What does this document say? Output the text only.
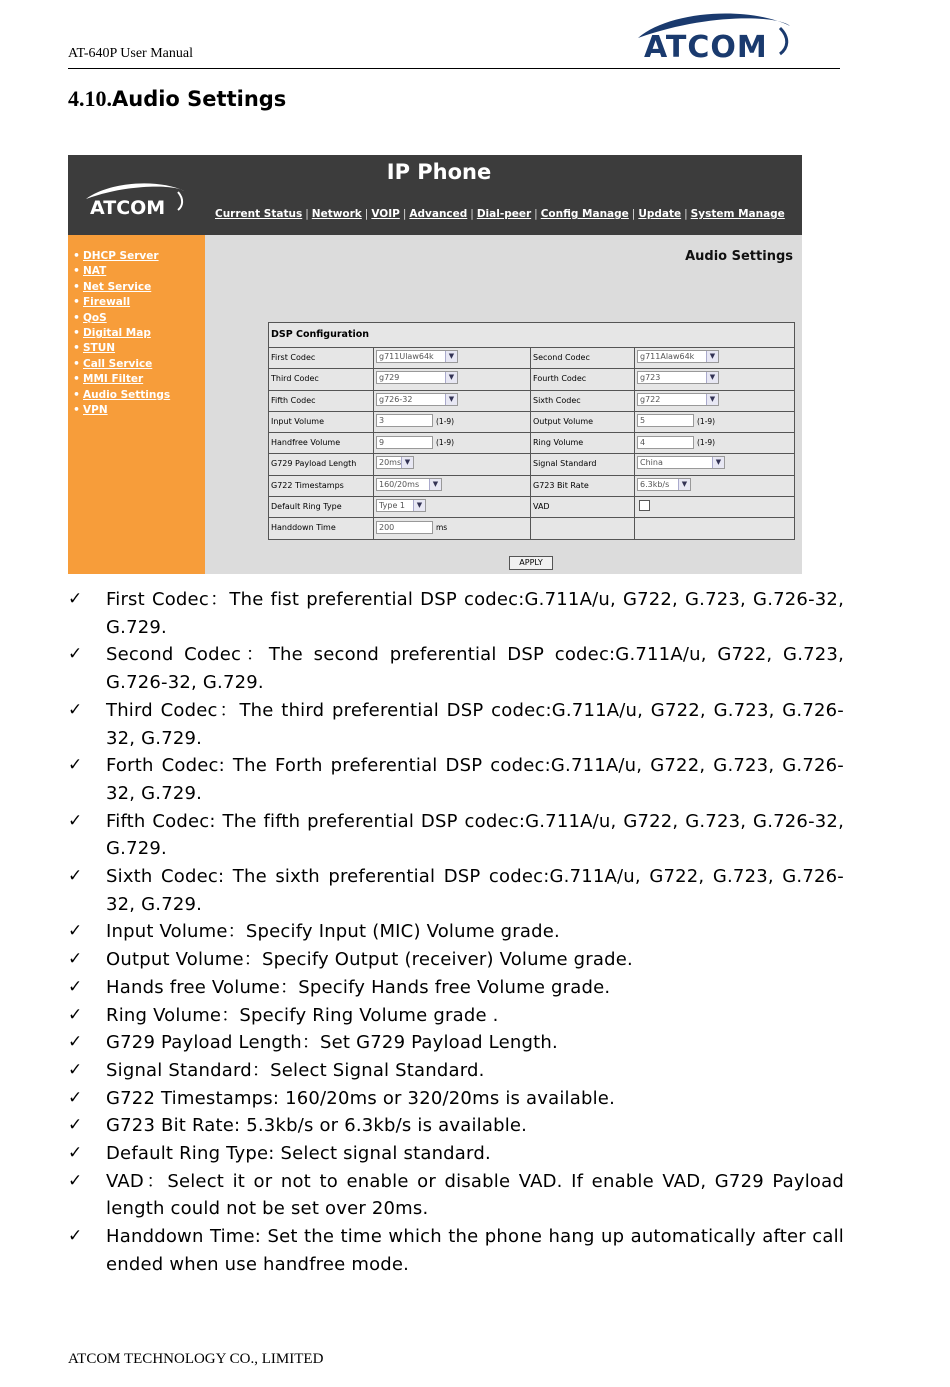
AT-640P User Manual	ATCOM
4.10.Audio Settings
IP Phone
ATCOM	Current Status | Network | VOIP | Advanced | Dial-peer | Config Manage | Update | System Manage
• DHCP Server
• NAT
• Net Service
• Firewall
• QoS
• Digital Map
• STUN
• Call Service
• MMI Filter
• Audio Settings
• VPN
Audio Settings
DSP Configuration
First Codec	g711Ulaw64k	▼	Second Codec	g711Alaw64k	▼
Third Codec	g729	▼	Fourth Codec	g723	▼
Fifth Codec	g726-32	▼	Sixth Codec	g722	▼
Input Volume	3	(1-9)	Output Volume	5	(1-9)
Handfree Volume	9	(1-9)	Ring Volume	4	(1-9)
G729 Payload Length	20ms ▼	Signal Standard	China	▼
G722 Timestamps	160/20ms	▼	G723 Bit Rate	6.3kb/s	▼
Default Ring Type	Type 1	▼	VAD
Handdown Time	200	ms
APPLY
✓ First Codec：The fist preferential DSP codec:G.711A/u, G722, G.723, G.726-32, G.729.
✓ Second Codec：The second preferential DSP codec:G.711A/u, G722, G.723, G.726-32, G.729.
✓ Third Codec：The third preferential DSP codec:G.711A/u, G722, G.723, G.726-32, G.729.
✓ Forth Codec: The Forth preferential DSP codec:G.711A/u, G722, G.723, G.726-32, G.729.
✓ Fifth Codec: The fifth preferential DSP codec:G.711A/u, G722, G.723, G.726-32, G.729.
✓ Sixth Codec: The sixth preferential DSP codec:G.711A/u, G722, G.723, G.726-32, G.729.
✓ Input Volume：Specify Input (MIC) Volume grade.
✓ Output Volume：Specify Output (receiver) Volume grade.
✓ Hands free Volume：Specify Hands free Volume grade.
✓ Ring Volume：Specify Ring Volume grade .
✓ G729 Payload Length：Set G729 Payload Length.
✓ Signal Standard：Select Signal Standard.
✓ G722 Timestamps: 160/20ms or 320/20ms is available.
✓ G723 Bit Rate: 5.3kb/s or 6.3kb/s is available.
✓ Default Ring Type: Select signal standard.
✓ VAD：Select it or not to enable or disable VAD. If enable VAD, G729 Payload length could not be set over 20ms.
✓ Handdown Time: Set the time which the phone hang up automatically after call ended when use handfree mode.
ATCOM TECHNOLOGY CO., LIMITED
